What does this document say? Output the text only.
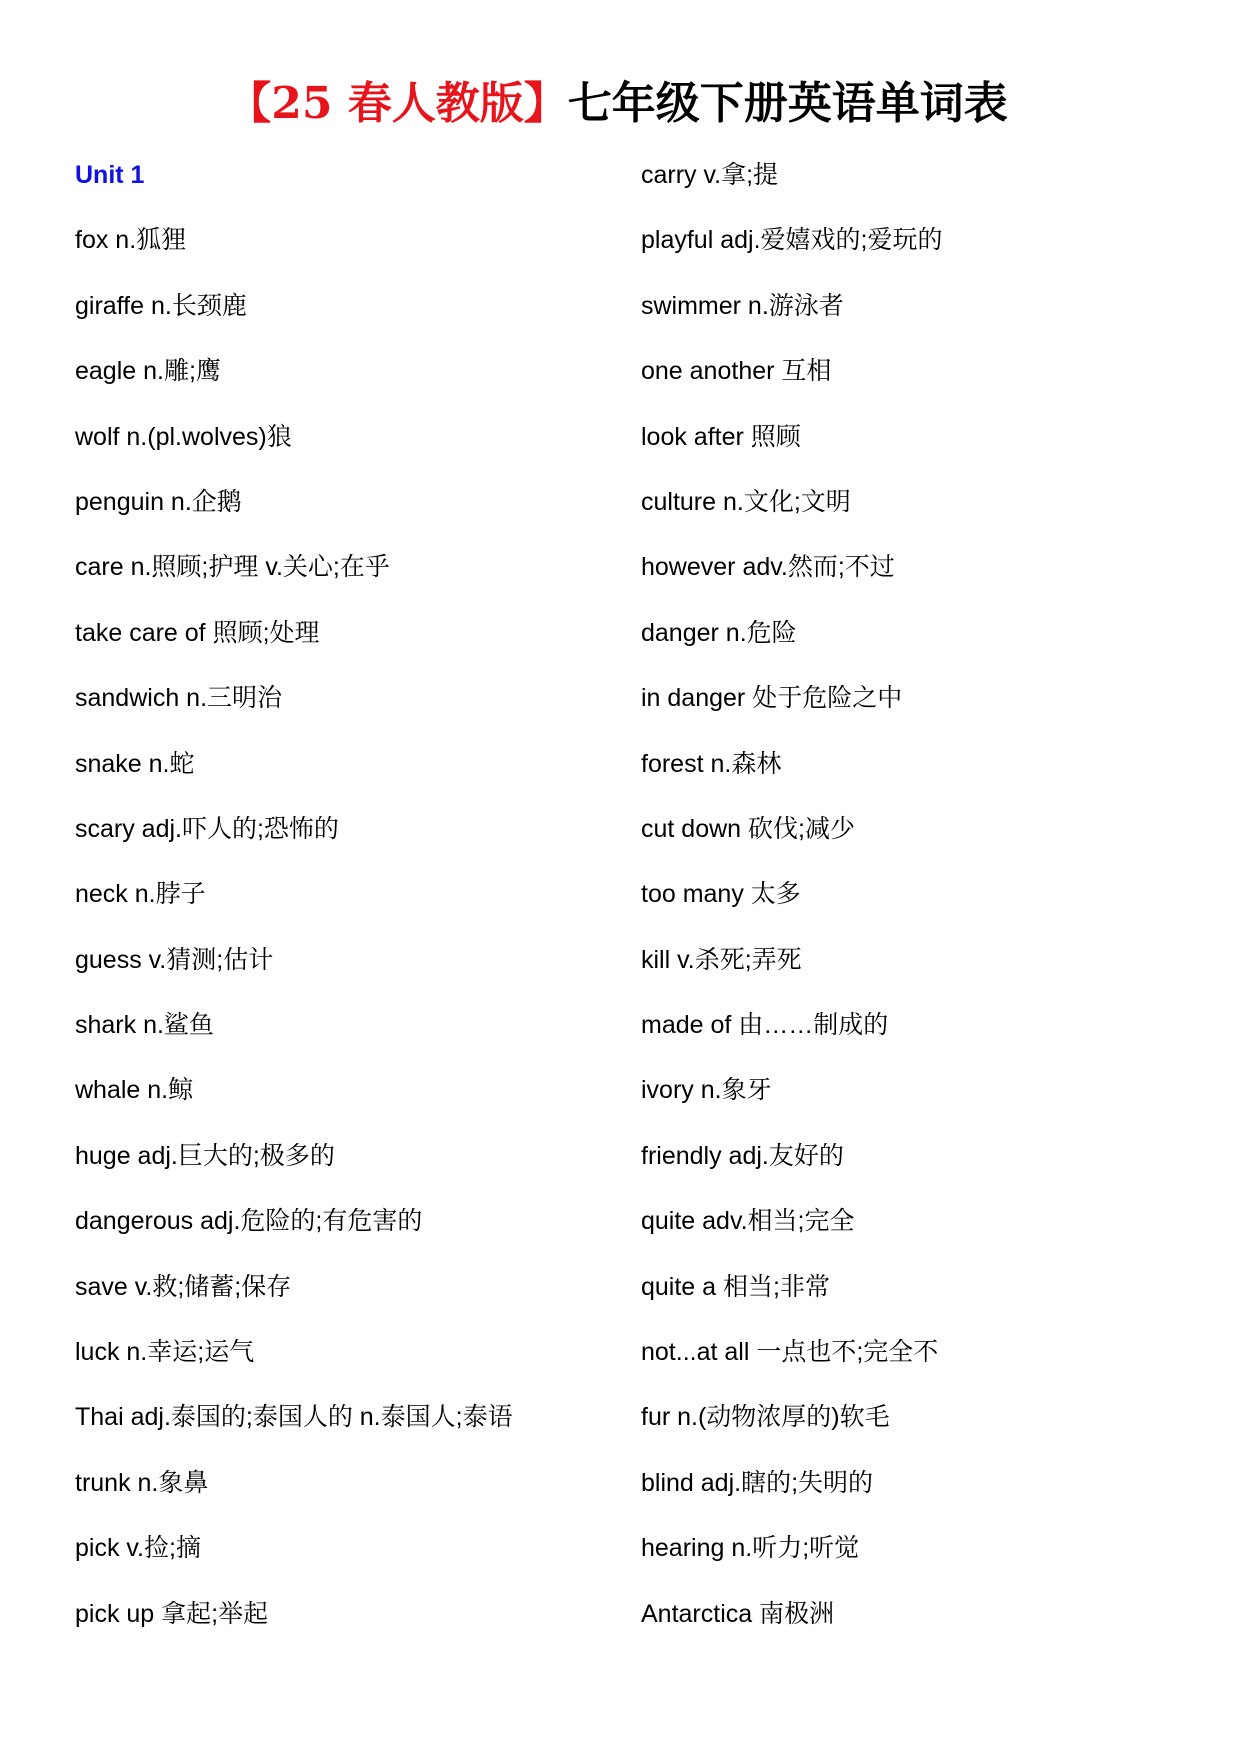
【25 春人教版】七年级下册英语单词表
Unit 1
fox n.狐狸
giraffe n.长颈鹿
eagle n.雕;鹰
wolf n.(pl.wolves)狼
penguin n.企鹅
care n.照顾;护理 v.关心;在乎
take care of 照顾;处理
sandwich n.三明治
snake n.蛇
scary adj.吓人的;恐怖的
neck n.脖子
guess v.猜测;估计
shark n.鲨鱼
whale n.鲸
huge adj.巨大的;极多的
dangerous adj.危险的;有危害的
save v.救;储蓄;保存
luck n.幸运;运气
Thai adj.泰国的;泰国人的 n.泰国人;泰语
trunk n.象鼻
pick v.捡;摘
pick up 拿起;举起
carry v.拿;提
playful adj.爱嬉戏的;爱玩的
swimmer n.游泳者
one another 互相
look after 照顾
culture n.文化;文明
however adv.然而;不过
danger n.危险
in danger 处于危险之中
forest n.森林
cut down 砍伐;减少
too many 太多
kill v.杀死;弄死
made of 由……制成的
ivory n.象牙
friendly adj.友好的
quite adv.相当;完全
quite a 相当;非常
not...at all 一点也不;完全不
fur n.(动物浓厚的)软毛
blind adj.瞎的;失明的
hearing n.听力;听觉
Antarctica 南极洲
